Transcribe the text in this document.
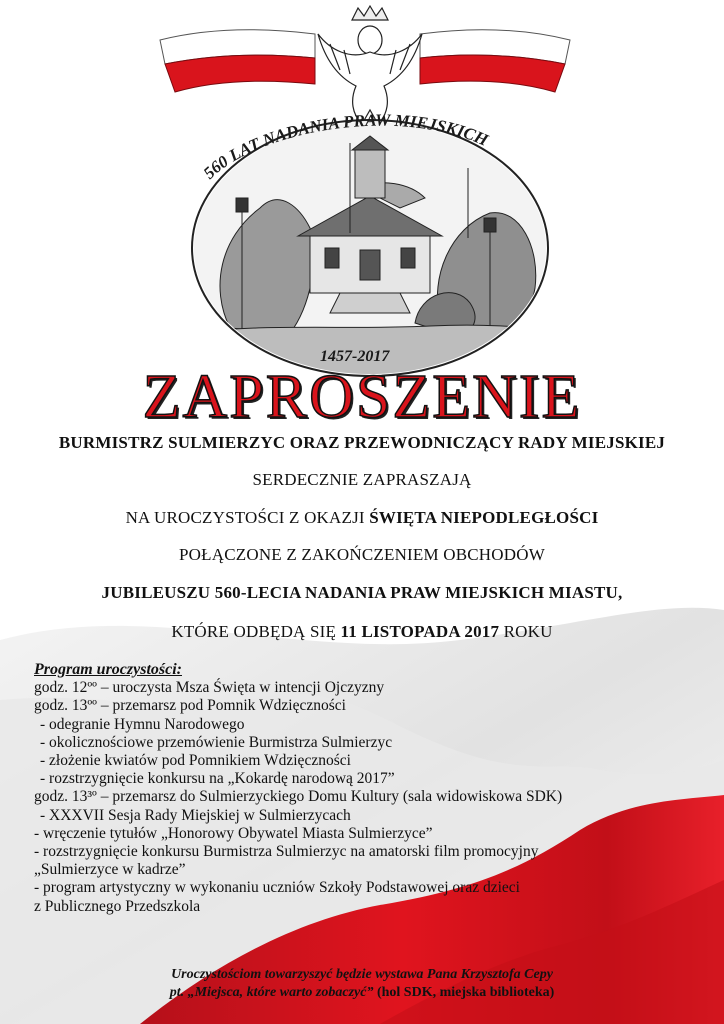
560 LAT NADANIA PRAW MIEJSKICH
1457-2017
ZAPROSZENIE
BURMISTRZ SULMIERZYC ORAZ PRZEWODNICZĄCY RADY MIEJSKIEJ
SERDECZNIE ZAPRASZAJĄ
NA UROCZYSTOŚCI Z OKAZJI ŚWIĘTA NIEPODLEGŁOŚCI
POŁĄCZONE Z ZAKOŃCZENIEM OBCHODÓW
JUBILEUSZU 560-LECIA NADANIA PRAW MIEJSKICH MIASTU,
KTÓRE ODBĘDĄ SIĘ 11 LISTOPADA 2017 ROKU
Program uroczystości:
godz. 12ºº – uroczysta Msza Święta w intencji Ojczyzny
godz. 13ºº – przemarsz pod Pomnik Wdzięczności
- odegranie Hymnu Narodowego
- okolicznościowe przemówienie Burmistrza Sulmierzyc
- złożenie kwiatów pod Pomnikiem Wdzięczności
- rozstrzygnięcie konkursu na „Kokardę narodową 2017”
godz. 13³º – przemarsz do Sulmierzyckiego Domu Kultury (sala widowiskowa SDK)
- XXXVII Sesja Rady Miejskiej w Sulmierzycach
- wręczenie tytułów „Honorowy Obywatel Miasta Sulmierzyce”
- rozstrzygnięcie konkursu Burmistrza Sulmierzyc na amatorski film promocyjny
„Sulmierzyce w kadrze”
- program artystyczny w wykonaniu uczniów Szkoły Podstawowej oraz dzieci
z Publicznego Przedszkola
Uroczystościom towarzyszyć będzie wystawa Pana Krzysztofa Cepy
pt. „Miejsca, które warto zobaczyć” (hol SDK, miejska biblioteka)
